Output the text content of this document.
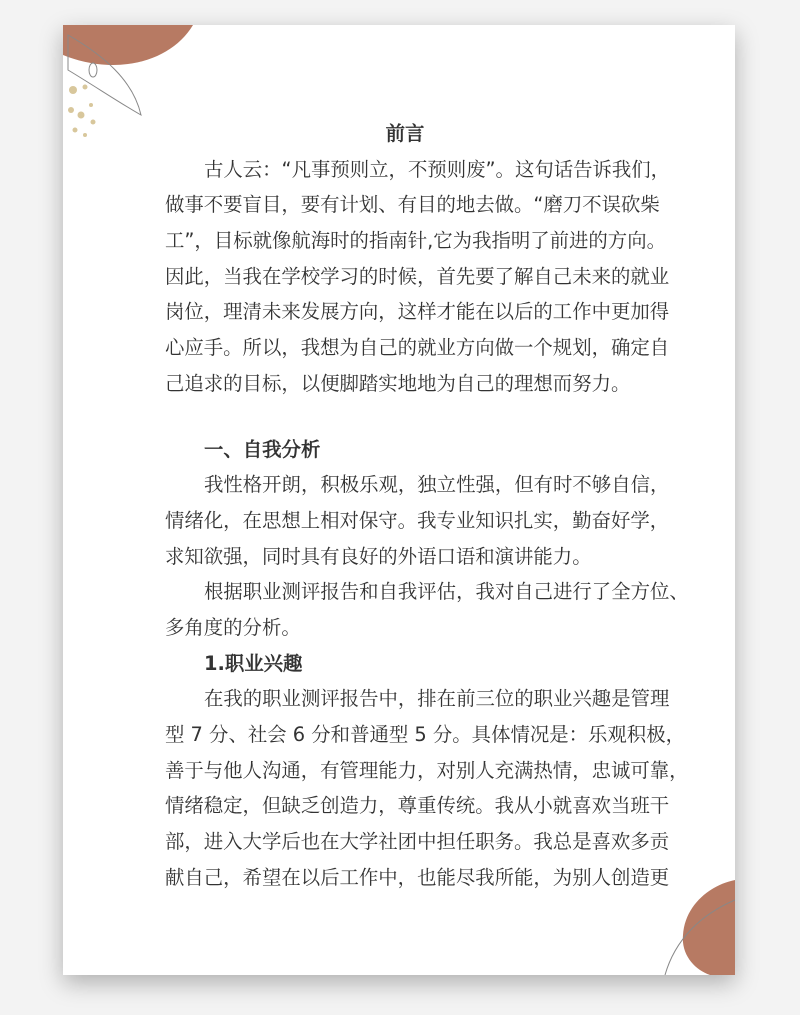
前言
古人云：“凡事预则立，不预则废”。这句话告诉我们，
做事不要盲目，要有计划、有目的地去做。“磨刀不误砍柴
工”，目标就像航海时的指南针,它为我指明了前进的方向。
因此，当我在学校学习的时候，首先要了解自己未来的就业
岗位，理清未来发展方向，这样才能在以后的工作中更加得
心应手。所以，我想为自己的就业方向做一个规划，确定自
己追求的目标，以便脚踏实地地为自己的理想而努力。
一、自我分析
我性格开朗，积极乐观，独立性强，但有时不够自信，
情绪化，在思想上相对保守。我专业知识扎实，勤奋好学，
求知欲强，同时具有良好的外语口语和演讲能力。
根据职业测评报告和自我评估，我对自己进行了全方位、
多角度的分析。
1.职业兴趣
在我的职业测评报告中，排在前三位的职业兴趣是管理
型 7 分、社会 6 分和普通型 5 分。具体情况是：乐观积极，
善于与他人沟通，有管理能力，对别人充满热情，忠诚可靠，
情绪稳定，但缺乏创造力，尊重传统。我从小就喜欢当班干
部，进入大学后也在大学社团中担任职务。我总是喜欢多贡
献自己，希望在以后工作中，也能尽我所能，为别人创造更
